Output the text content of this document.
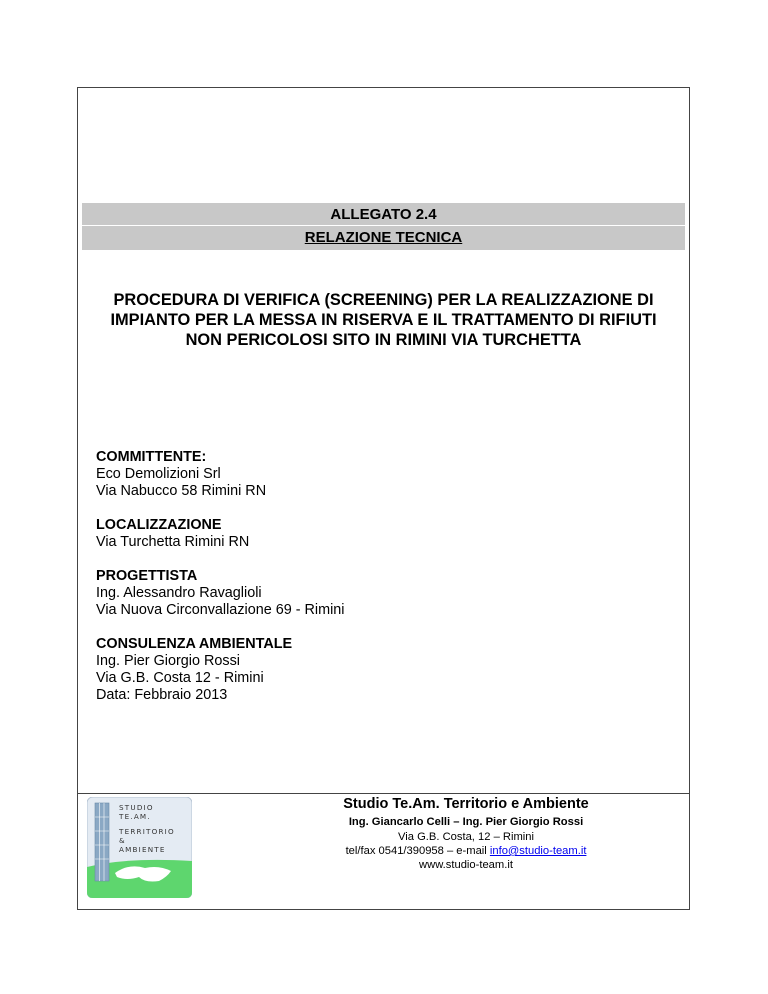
ALLEGATO 2.4
RELAZIONE TECNICA
PROCEDURA DI VERIFICA (SCREENING) PER LA REALIZZAZIONE DI
IMPIANTO PER LA MESSA IN RISERVA E IL TRATTAMENTO DI RIFIUTI
NON PERICOLOSI SITO IN RIMINI VIA TURCHETTA
COMMITTENTE:
Eco Demolizioni Srl
Via Nabucco 58 Rimini RN
LOCALIZZAZIONE
Via Turchetta Rimini RN
PROGETTISTA
Ing. Alessandro Ravaglioli
Via Nuova Circonvallazione 69 - Rimini
CONSULENZA AMBIENTALE
Ing. Pier Giorgio Rossi
Via G.B. Costa 12 - Rimini
Data: Febbraio 2013
STUDIO
TE.AM.
TERRITORIO
&
AMBIENTE
Studio Te.Am. Territorio e Ambiente
Ing. Giancarlo Celli – Ing. Pier Giorgio Rossi
Via G.B. Costa, 12 – Rimini
tel/fax 0541/390958 – e-mail info@studio-team.it
www.studio-team.it
